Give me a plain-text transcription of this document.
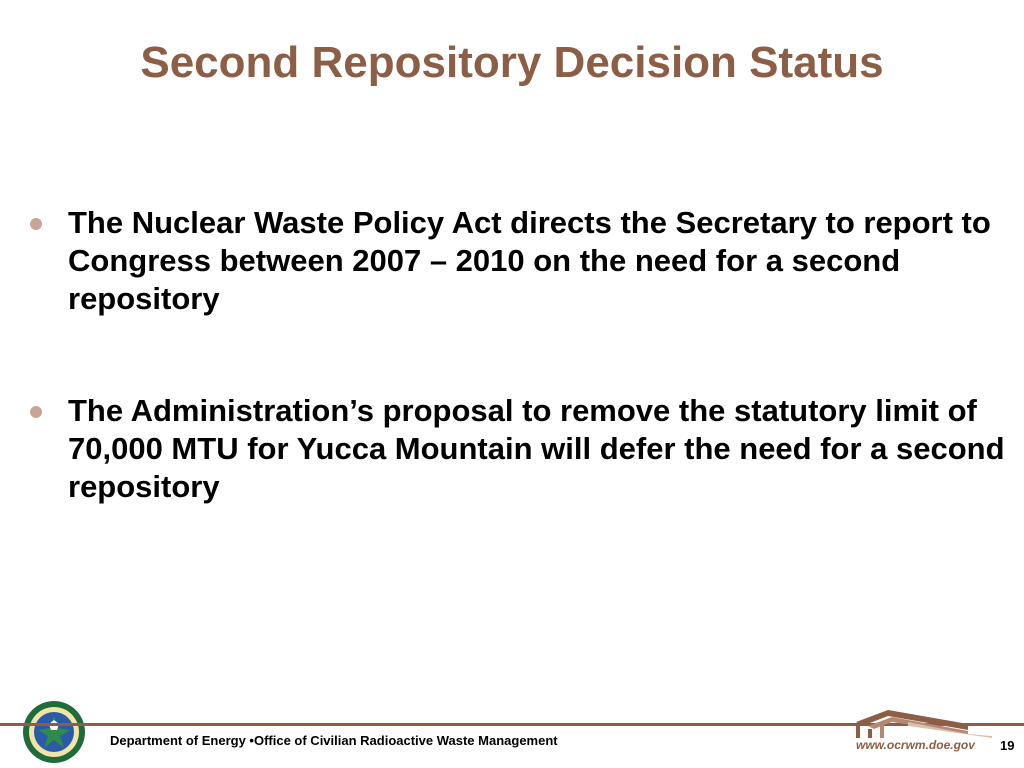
Second Repository Decision Status
The Nuclear Waste Policy Act directs the Secretary to report to Congress between 2007 – 2010 on the need for a second repository
The Administration’s proposal to remove the statutory limit of 70,000 MTU for Yucca Mountain will defer the need for a second repository
Department of Energy •Office of Civilian Radioactive Waste Management	www.ocrwm.doe.gov 19
